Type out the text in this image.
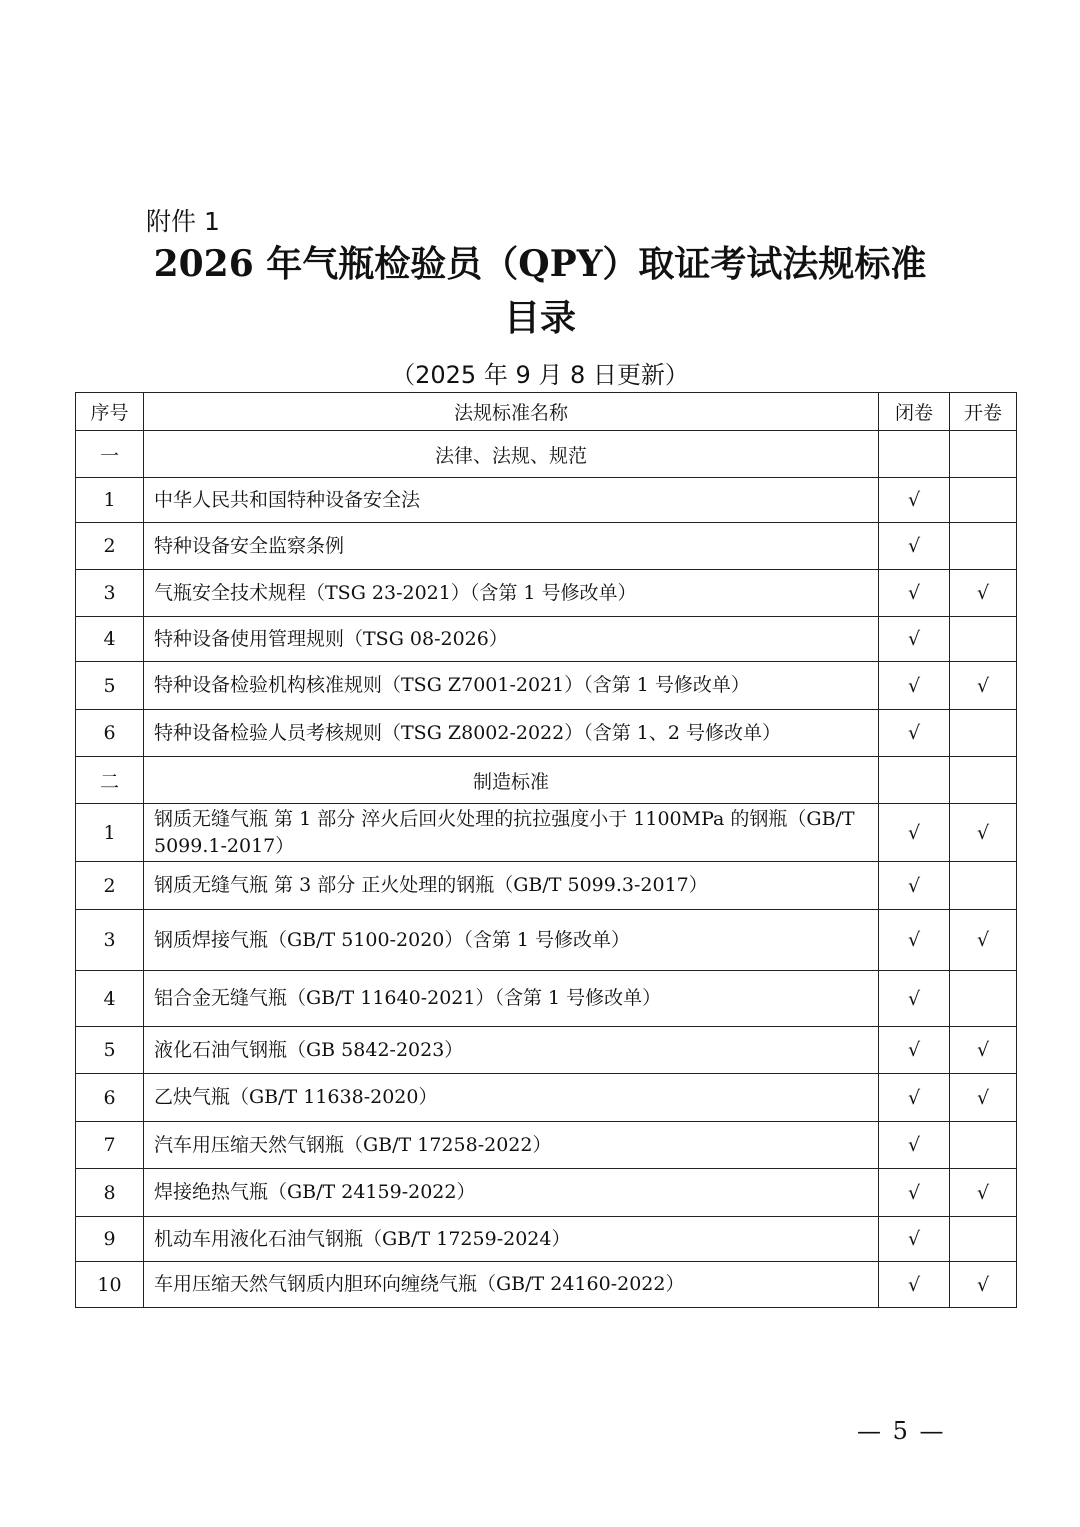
附件 1
2026 年气瓶检验员（QPY）取证考试法规标准
目录
（2025 年 9 月 8 日更新）
序号	法规标准名称	闭卷	开卷
一	法律、法规、规范		
1	中华人民共和国特种设备安全法	√	
2	特种设备安全监察条例	√	
3	气瓶安全技术规程（TSG 23-2021）（含第 1 号修改单）	√	√
4	特种设备使用管理规则（TSG 08-2026）	√	
5	特种设备检验机构核准规则（TSG Z7001-2021）（含第 1 号修改单）	√	√
6	特种设备检验人员考核规则（TSG Z8002-2022）（含第 1、2 号修改单）	√	
二	制造标准		
1	钢质无缝气瓶 第 1 部分 淬火后回火处理的抗拉强度小于 1100MPa 的钢瓶（GB/T 5099.1-2017）	√	√
2	钢质无缝气瓶 第 3 部分 正火处理的钢瓶（GB/T 5099.3-2017）	√	
3	钢质焊接气瓶（GB/T 5100-2020）（含第 1 号修改单）	√	√
4	铝合金无缝气瓶（GB/T 11640-2021）（含第 1 号修改单）	√	
5	液化石油气钢瓶（GB 5842-2023）	√	√
6	乙炔气瓶（GB/T 11638-2020）	√	√
7	汽车用压缩天然气钢瓶（GB/T 17258-2022）	√	
8	焊接绝热气瓶（GB/T 24159-2022）	√	√
9	机动车用液化石油气钢瓶（GB/T 17259-2024）	√	
10	车用压缩天然气钢质内胆环向缠绕气瓶（GB/T 24160-2022）	√	√
— 5 —
